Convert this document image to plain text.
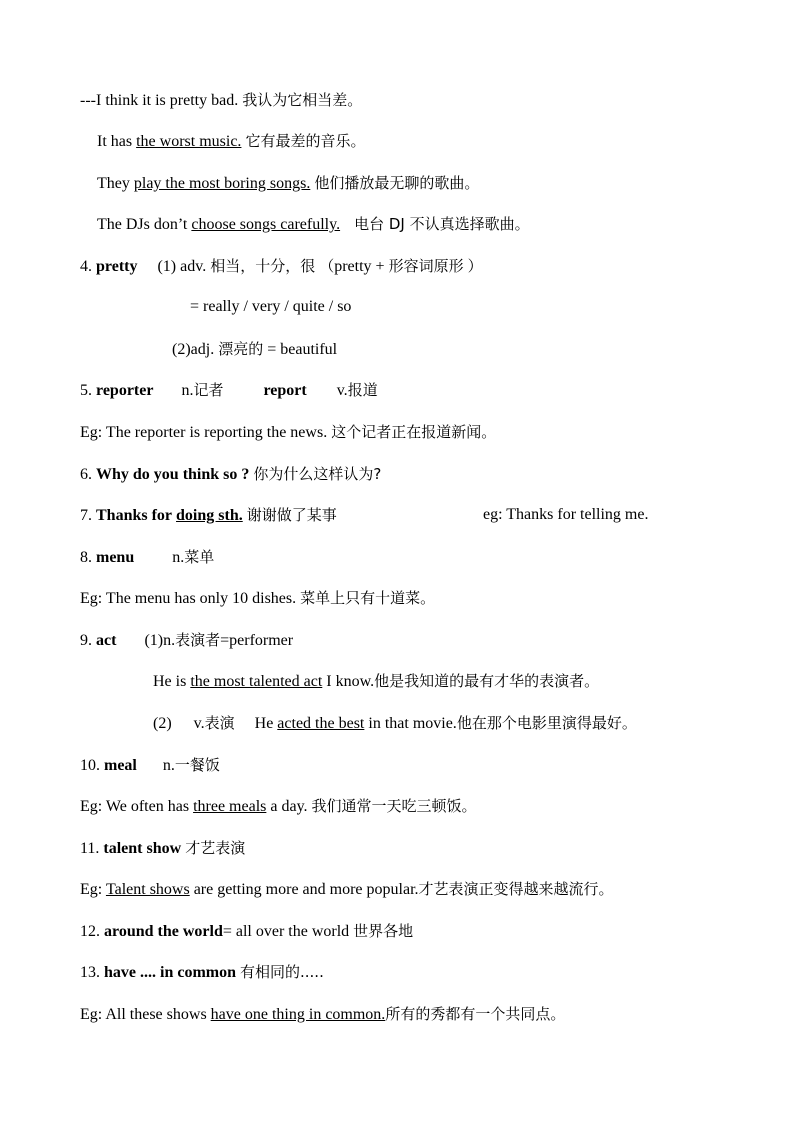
---I think it is pretty bad. 我认为它相当差。
It has the worst music. 它有最差的音乐。
They play the most boring songs. 他们播放最无聊的歌曲。
The DJs don’t choose songs carefully. 电台 DJ 不认真选择歌曲。
4. pretty (1) adv. 相当，十分，很 （pretty + 形容词原形 ）
= really / very / quite / so
(2)adj. 漂亮的 = beautiful
5. reporter n.记者	report v.报道
Eg: The reporter is reporting the news. 这个记者正在报道新闻。
6. Why do you think so ? 你为什么这样认为?
7. Thanks for doing sth. 谢谢做了某事	eg: Thanks for telling me.
8. menu n.菜单
Eg: The menu has only 10 dishes. 菜单上只有十道菜。
9. act (1)n.表演者=performer
He is the most talented act I know.他是我知道的最有才华的表演者。
(2) v.表演 He acted the best in that movie.他在那个电影里演得最好。
10. meal n.一餐饭
Eg: We often has three meals a day. 我们通常一天吃三顿饭。
11. talent show 才艺表演
Eg: Talent shows are getting more and more popular.才艺表演正变得越来越流行。
12. around the world= all over the world 世界各地
13. have .... in common 有相同的.....
Eg: All these shows have one thing in common.所有的秀都有一个共同点。
